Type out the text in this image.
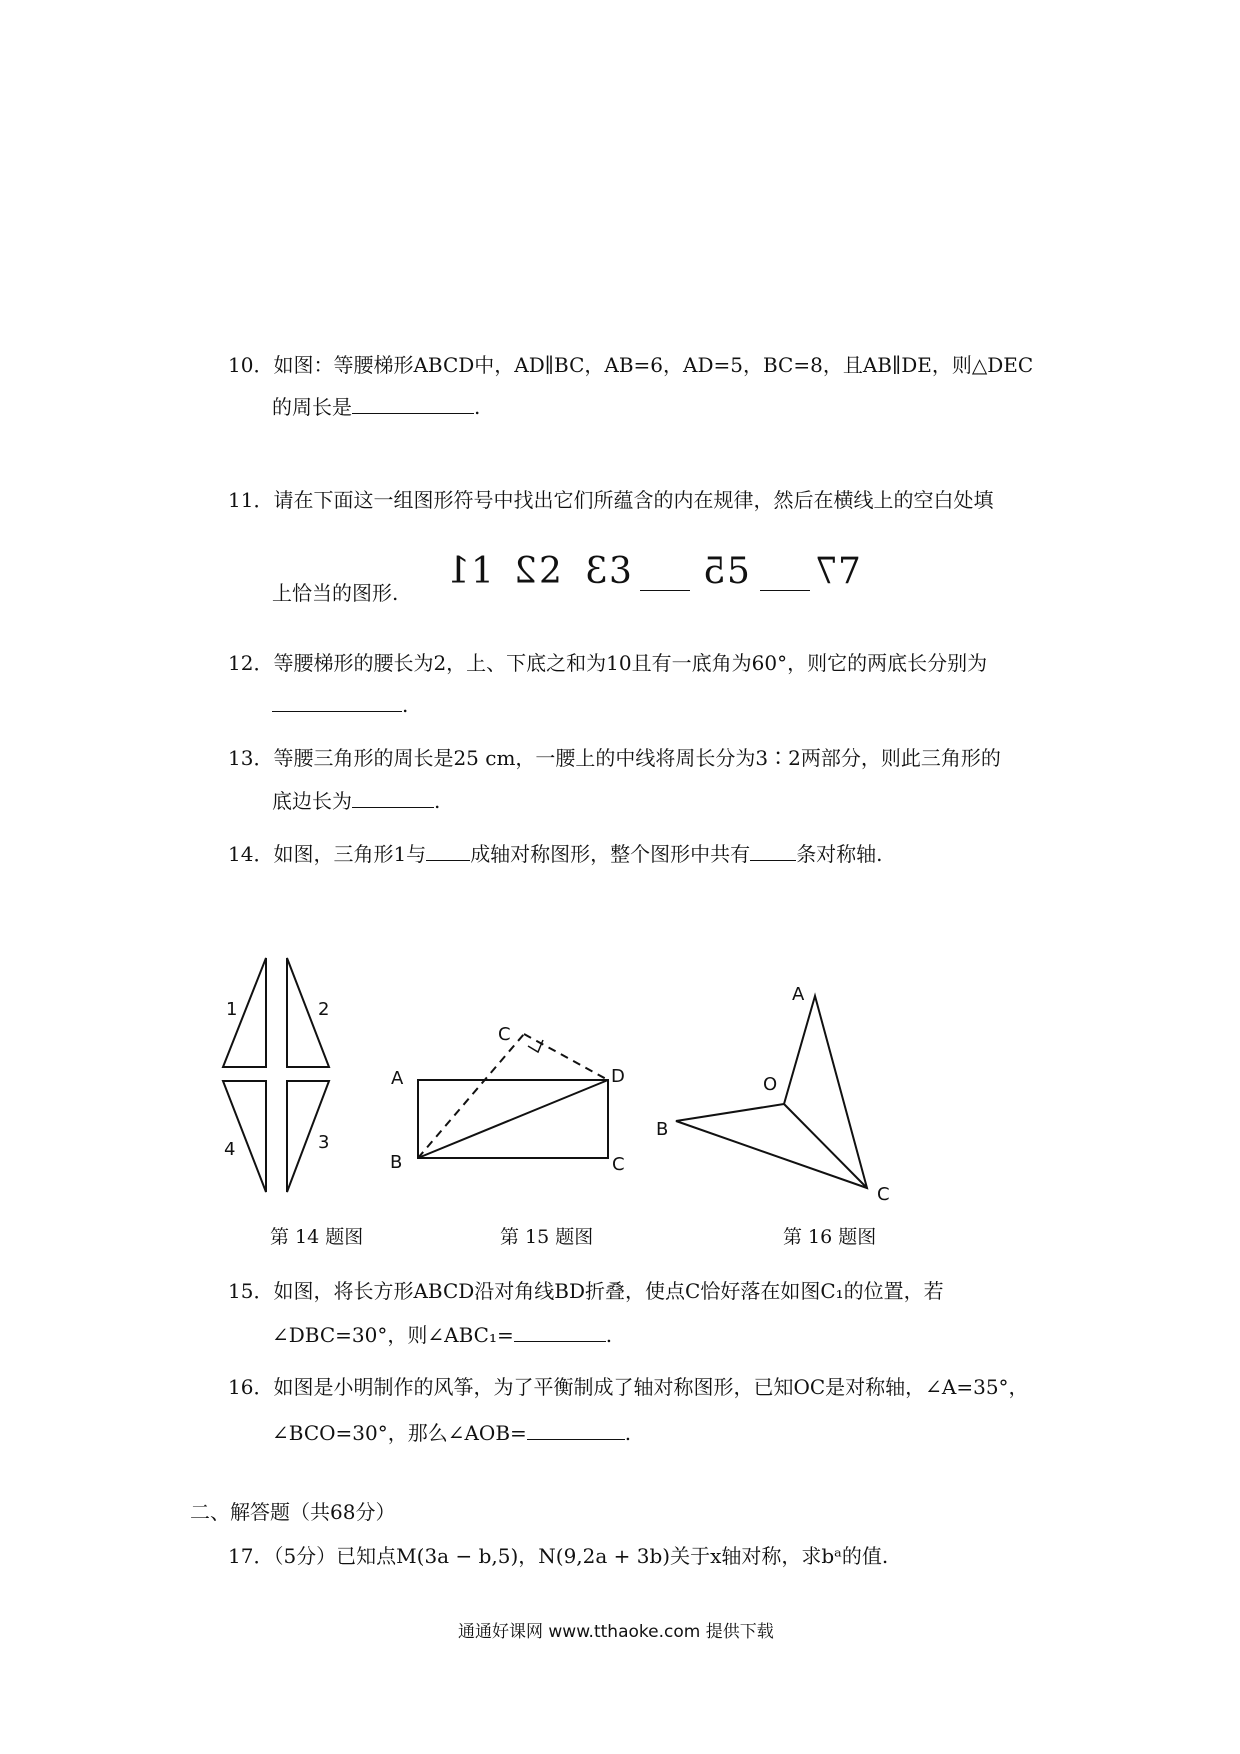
10．如图：等腰梯形ABCD中，AD∥BC，AB=6，AD=5，BC=8，且AB∥DE，则△DEC
的周长是	.
11．请在下面这一组图形符号中找出它们所蕴含的内在规律，然后在横线上的空白处填
上恰当的图形.
1 1 2 2 3 3 5 5 7 7
12．等腰梯形的腰长为2，上、下底之和为10且有一底角为60°，则它的两底长分别为
.
13．等腰三角形的周长是25 cm，一腰上的中线将周长分为3∶2两部分，则此三角形的
底边长为	.
14．如图，三角形1与 成轴对称图形，整个图形中共有 条对称轴.
1	2
3
4
A
B	C
D
C
A
O
B
C
第 14 题图	第 15 题图	第 16 题图
15．如图，将长方形ABCD沿对角线BD折叠，使点C恰好落在如图C₁的位置，若
∠DBC=30°，则∠ABC₁=	.
16．如图是小明制作的风筝，为了平衡制成了轴对称图形，已知OC是对称轴，∠A=35°，
∠BCO=30°，那么∠AOB=	.
二、解答题（共68分）
17．（5分）已知点M(3a − b,5)，N(9,2a + 3b)关于x轴对称，求bᵃ的值.
通通好课网 www.tthaoke.com 提供下载
